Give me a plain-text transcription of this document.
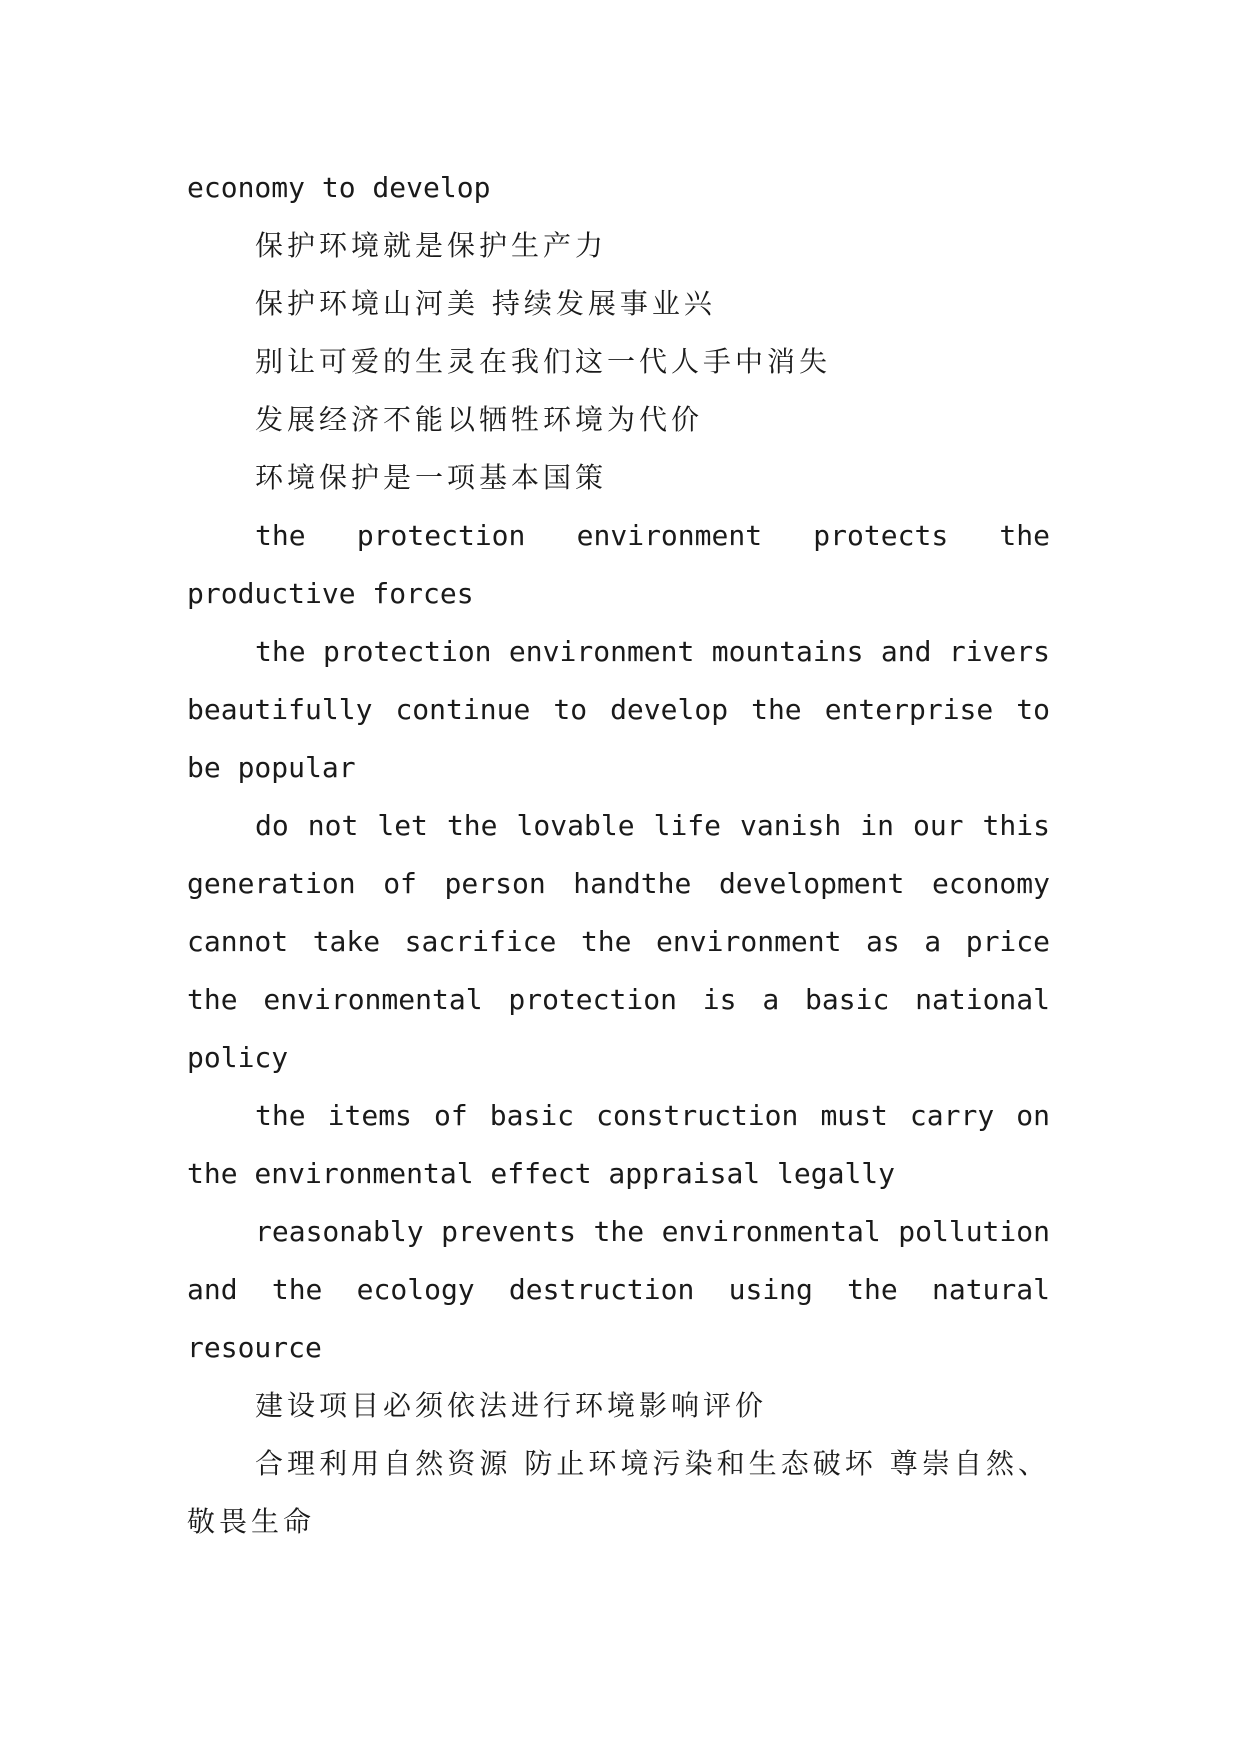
economy to develop

保护环境就是保护生产力

保护环境山河美 持续发展事业兴

别让可爱的生灵在我们这一代人手中消失

发展经济不能以牺牲环境为代价

环境保护是一项基本国策

the protection environment protects the productive forces

the protection environment mountains and rivers beautifully continue to develop the enterprise to be popular

do not let the lovable life vanish in our this generation of person handthe development economy cannot take sacrifice the environment as a price the environmental protection is a basic national policy

the items of basic construction must carry on the environmental effect appraisal legally

reasonably prevents the environmental pollution and the ecology destruction using the natural resource

建设项目必须依法进行环境影响评价

合理利用自然资源 防止环境污染和生态破坏 尊崇自然、敬畏生命
